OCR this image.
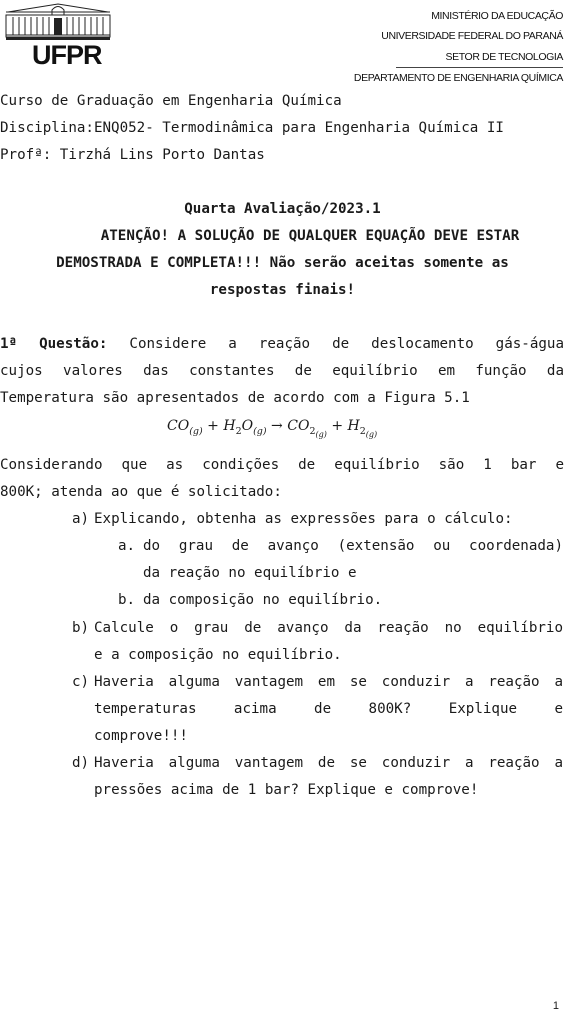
UFPR
MINISTÉRIO DA EDUCAÇÃO
UNIVERSIDADE FEDERAL DO PARANÁ
SETOR DE TECNOLOGIA
DEPARTAMENTO DE ENGENHARIA QUÍMICA
Curso de Graduação em Engenharia Química
Disciplina:ENQ052- Termodinâmica para Engenharia Química II
Profª: Tirzhá Lins Porto Dantas
Quarta Avaliação/2023.1
ATENÇÃO! A SOLUÇÃO DE QUALQUER EQUAÇÃO DEVE ESTAR
DEMOSTRADA E COMPLETA!!! Não serão aceitas somente as
respostas finais!
1ª Questão: Considere a reação de deslocamento gás-água
cujos valores das constantes de equilíbrio em função da
Temperatura são apresentados de acordo com a Figura 5.1
$CO_{(g)} + H_2O_{(g)} \to CO_{2_{(g)}} + H_{2_{(g)}}$
Considerando que as condições de equilíbrio são 1 bar e
800K; atenda ao que é solicitado:
a) Explicando, obtenha as expressões para o cálculo:
a. do grau de avanço (extensão ou coordenada)
da reação no equilíbrio e
b. da composição no equilíbrio.
b) Calcule o grau de avanço da reação no equilíbrio
e a composição no equilíbrio.
c) Haveria alguma vantagem em se conduzir a reação a
temperaturas acima de 800K? Explique e
comprove!!!
d) Haveria alguma vantagem de se conduzir a reação a
pressões acima de 1 bar? Explique e comprove!
1
